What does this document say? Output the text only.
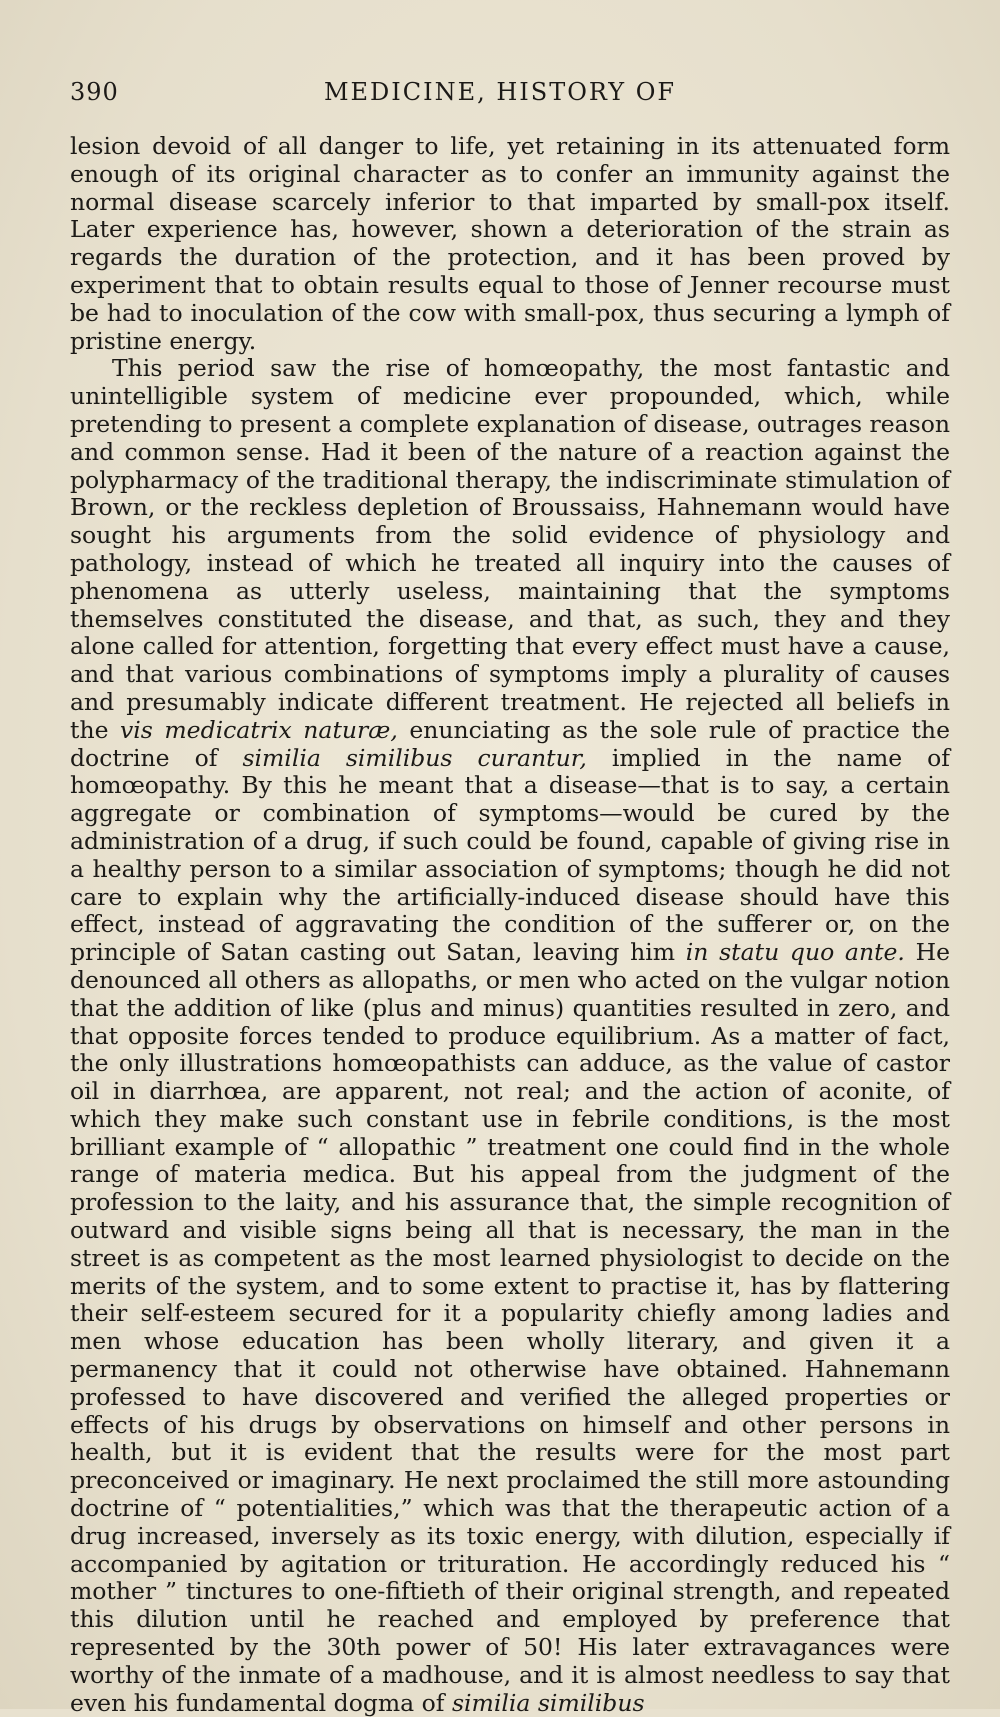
390	MEDICINE, HISTORY OF

lesion devoid of all danger to life, yet retaining in its attenuated form enough of its original character as to confer an immunity against the normal disease scarcely inferior to that imparted by small-pox itself. Later experience has, however, shown a deterioration of the strain as regards the duration of the protection, and it has been proved by experiment that to obtain results equal to those of Jenner recourse must be had to inoculation of the cow with small-pox, thus securing a lymph of pristine energy.

This period saw the rise of homœopathy, the most fantastic and unintelligible system of medicine ever propounded, which, while pretending to present a complete explanation of disease, outrages reason and common sense. Had it been of the nature of a reaction against the polypharmacy of the traditional therapy, the indiscriminate stimulation of Brown, or the reckless depletion of Broussaiss, Hahnemann would have sought his arguments from the solid evidence of physiology and pathology, instead of which he treated all inquiry into the causes of phenomena as utterly useless, maintaining that the symptoms themselves constituted the disease, and that, as such, they and they alone called for attention, forgetting that every effect must have a cause, and that various combinations of symptoms imply a plurality of causes and presumably indicate different treatment. He rejected all beliefs in the vis medicatrix naturæ, enunciating as the sole rule of practice the doctrine of similia similibus curantur, implied in the name of homœopathy. By this he meant that a disease—that is to say, a certain aggregate or combination of symptoms—would be cured by the administration of a drug, if such could be found, capable of giving rise in a healthy person to a similar association of symptoms; though he did not care to explain why the artificially-induced disease should have this effect, instead of aggravating the condition of the sufferer or, on the principle of Satan casting out Satan, leaving him in statu quo ante. He denounced all others as allopaths, or men who acted on the vulgar notion that the addition of like (plus and minus) quantities resulted in zero, and that opposite forces tended to produce equilibrium. As a matter of fact, the only illustrations homœopathists can adduce, as the value of castor oil in diarrhœa, are apparent, not real; and the action of aconite, of which they make such constant use in febrile conditions, is the most brilliant example of “ allopathic ” treatment one could find in the whole range of materia medica. But his appeal from the judgment of the profession to the laity, and his assurance that, the simple recognition of outward and visible signs being all that is necessary, the man in the street is as competent as the most learned physiologist to decide on the merits of the system, and to some extent to practise it, has by flattering their self-esteem secured for it a popularity chiefly among ladies and men whose education has been wholly literary, and given it a permanency that it could not otherwise have obtained. Hahnemann professed to have discovered and verified the alleged properties or effects of his drugs by observations on himself and other persons in health, but it is evident that the results were for the most part preconceived or imaginary. He next proclaimed the still more astounding doctrine of “ potentialities,” which was that the therapeutic action of a drug increased, inversely as its toxic energy, with dilution, especially if accompanied by agitation or trituration. He accordingly reduced his “ mother ” tinctures to one-fiftieth of their original strength, and repeated this dilution until he reached and employed by preference that represented by the 30th power of 50! His later extravagances were worthy of the inmate of a madhouse, and it is almost needless to say that even his fundamental dogma of similia similibus
